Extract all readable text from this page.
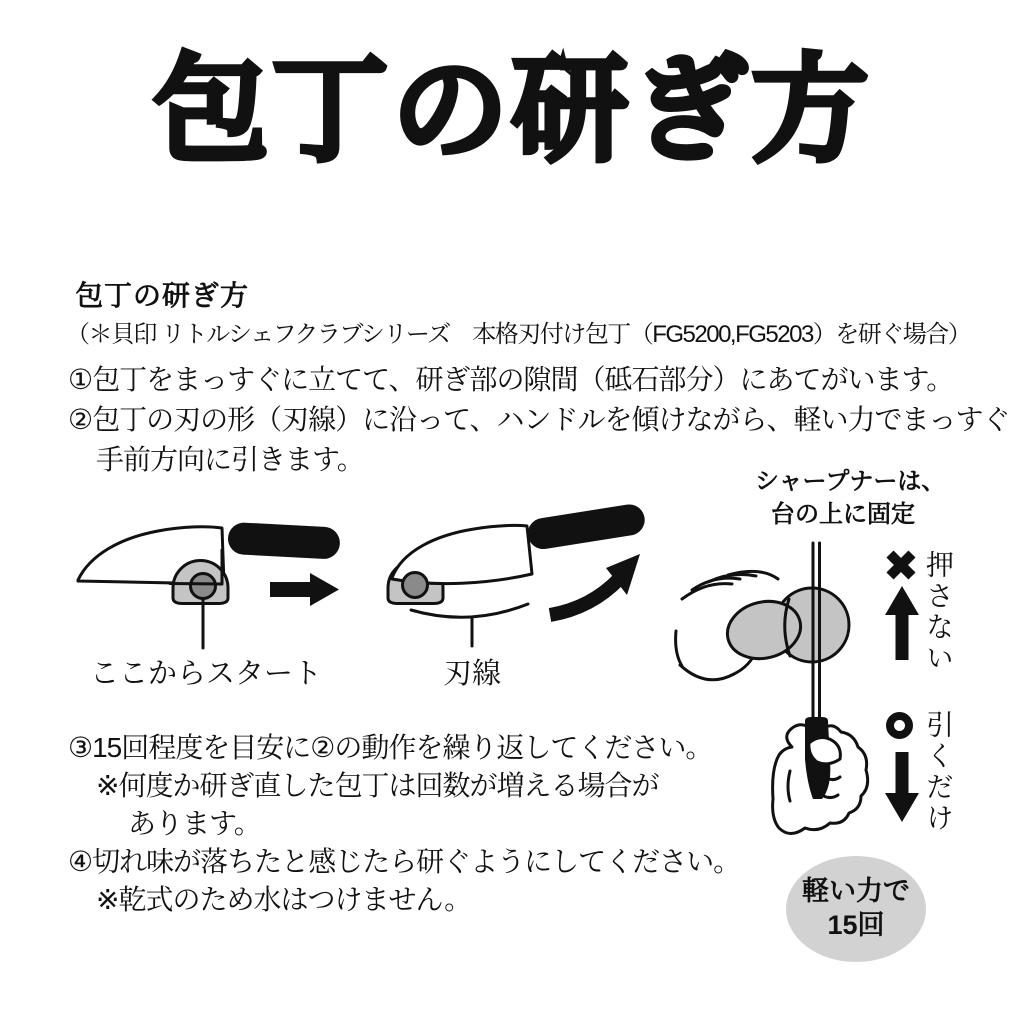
包丁の研ぎ方
包丁の研ぎ方
（＊貝印 リトルシェフクラブシリーズ　本格刃付け包丁（FG5200,FG5203）を研ぐ場合）
①包丁をまっすぐに立てて、研ぎ部の隙間（砥石部分）にあてがいます。
②包丁の刃の形（刃線）に沿って、ハンドルを傾けながら、軽い力でまっすぐ
手前方向に引きます。
シャープナーは、
台の上に固定
ここからスタート	刃線	押さない
引くだけ
③15回程度を目安に②の動作を繰り返してください。
※何度か研ぎ直した包丁は回数が増える場合が
あります。
④切れ味が落ちたと感じたら研ぐようにしてください。
※乾式のため水はつけません。	軽い力で
15回
